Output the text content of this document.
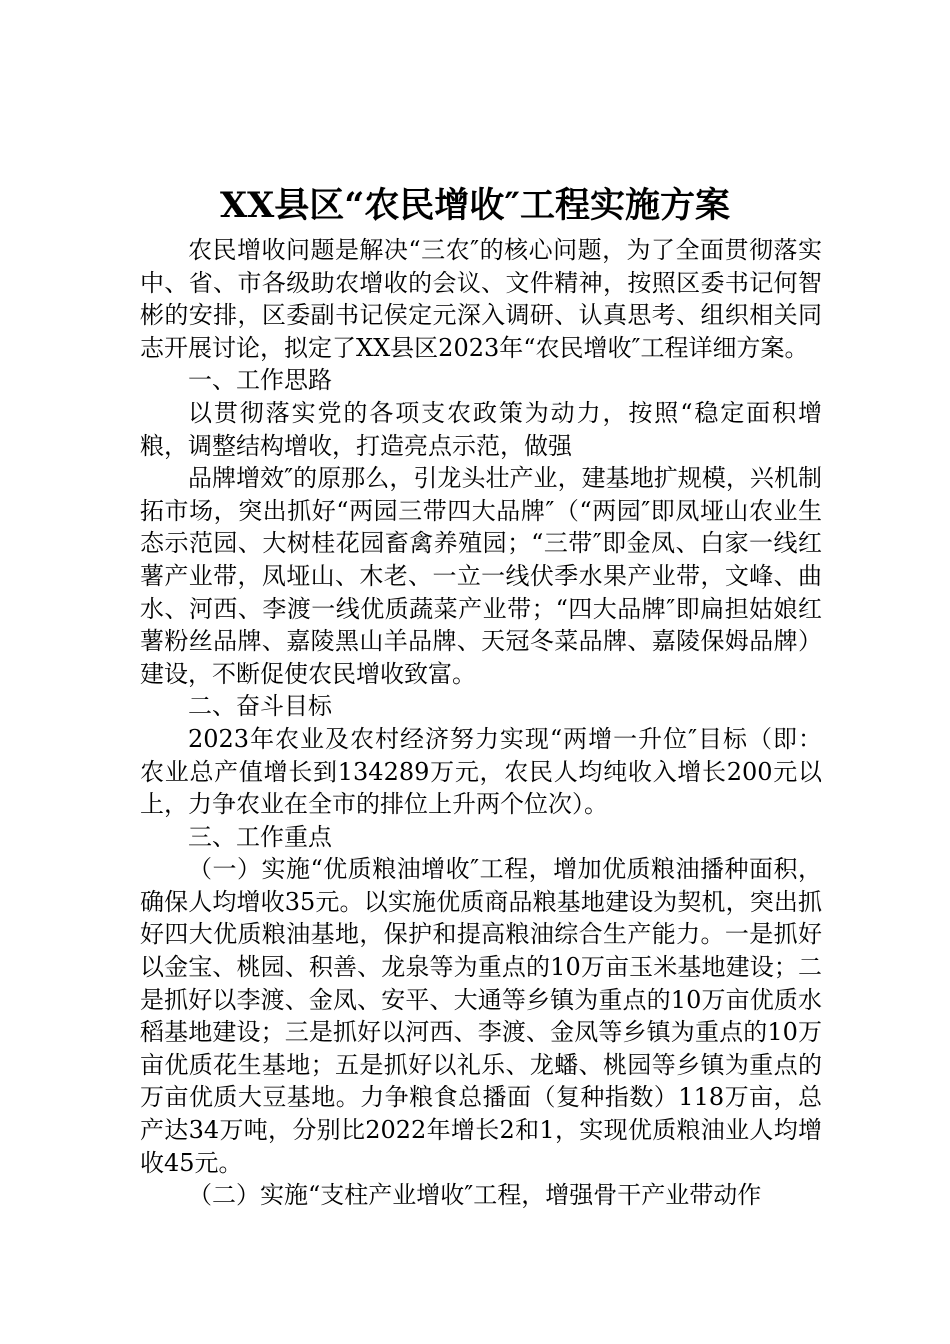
XX县区“农民增收″工程实施方案

农民增收问题是解决“三农″的核心问题，为了全面贯彻落实中、省、市各级助农增收的会议、文件精神，按照区委书记何智彬的安排，区委副书记侯定元深入调研、认真思考、组织相关同志开展讨论，拟定了XX县区2023年“农民增收″工程详细方案。

一、工作思路

以贯彻落实党的各项支农政策为动力，按照“稳定面积增粮，调整结构增收，打造亮点示范，做强

品牌增效″的原那么，引龙头壮产业，建基地扩规模，兴机制拓市场，突出抓好“两园三带四大品牌″（“两园″即凤垭山农业生态示范园、大树桂花园畜禽养殖园；“三带″即金凤、白家一线红薯产业带，凤垭山、木老、一立一线伏季水果产业带，文峰、曲水、河西、李渡一线优质蔬菜产业带；“四大品牌″即扁担姑娘红薯粉丝品牌、嘉陵黑山羊品牌、天冠冬菜品牌、嘉陵保姆品牌）建设，不断促使农民增收致富。

二、奋斗目标

2023年农业及农村经济努力实现“两增一升位″目标（即：农业总产值增长到134289万元，农民人均纯收入增长200元以上，力争农业在全市的排位上升两个位次）。

三、工作重点

（一）实施“优质粮油增收″工程，增加优质粮油播种面积，确保人均增收35元。以实施优质商品粮基地建设为契机，突出抓好四大优质粮油基地，保护和提高粮油综合生产能力。一是抓好以金宝、桃园、积善、龙泉等为重点的10万亩玉米基地建设；二是抓好以李渡、金凤、安平、大通等乡镇为重点的10万亩优质水稻基地建设；三是抓好以河西、李渡、金凤等乡镇为重点的10万亩优质花生基地；五是抓好以礼乐、龙蟠、桃园等乡镇为重点的万亩优质大豆基地。力争粮食总播面（复种指数）118万亩，总产达34万吨，分别比2022年增长2和1，实现优质粮油业人均增收45元。

（二）实施“支柱产业增收″工程，增强骨干产业带动作
